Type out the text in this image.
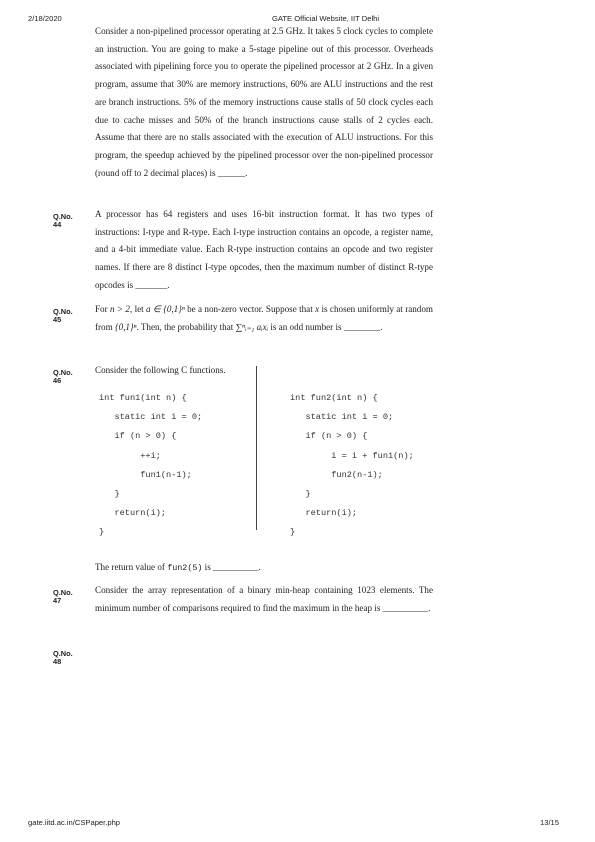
2/18/2020	GATE Official Website, IIT Delhi

Consider a non-pipelined processor operating at 2.5 GHz. It takes 5 clock cycles to complete an instruction. You are going to make a 5-stage pipeline out of this processor. Overheads associated with pipelining force you to operate the pipelined processor at 2 GHz. In a given program, assume that 30% are memory instructions, 60% are ALU instructions and the rest are branch instructions. 5% of the memory instructions cause stalls of 50 clock cycles each due to cache misses and 50% of the branch instructions cause stalls of 2 cycles each. Assume that there are no stalls associated with the execution of ALU instructions. For this program, the speedup achieved by the pipelined processor over the non-pipelined processor (round off to 2 decimal places) is ______.

Q.No.
44

A processor has 64 registers and uses 16-bit instruction format. It has two types of instructions: I-type and R-type. Each I-type instruction contains an opcode, a register name, and a 4-bit immediate value. Each R-type instruction contains an opcode and two register names. If there are 8 distinct I-type opcodes, then the maximum number of distinct R-type opcodes is _______.

Q.No.
45

For n > 2, let a ∈ {0,1}ⁿ be a non-zero vector. Suppose that x is chosen uniformly at random from {0,1}ⁿ. Then, the probability that ∑ⁿᵢ₌₁ aᵢxᵢ is an odd number is ________.

Q.No.
46

Consider the following C functions.

int fun1(int n) {
static int i = 0;
if (n > 0) {
++i;
fun1(n-1);
}
return(i);
}
int fun2(int n) {
static int i = 0;
if (n > 0) {
i = i + fun1(n);
fun2(n-1);
}
return(i);
}

The return value of fun2(5) is __________.

Q.No.
47

Consider the array representation of a binary min-heap containing 1023 elements. The minimum number of comparisons required to find the maximum in the heap is __________.

Q.No.
48
gate.iitd.ac.in/CSPaper.php	13/15
